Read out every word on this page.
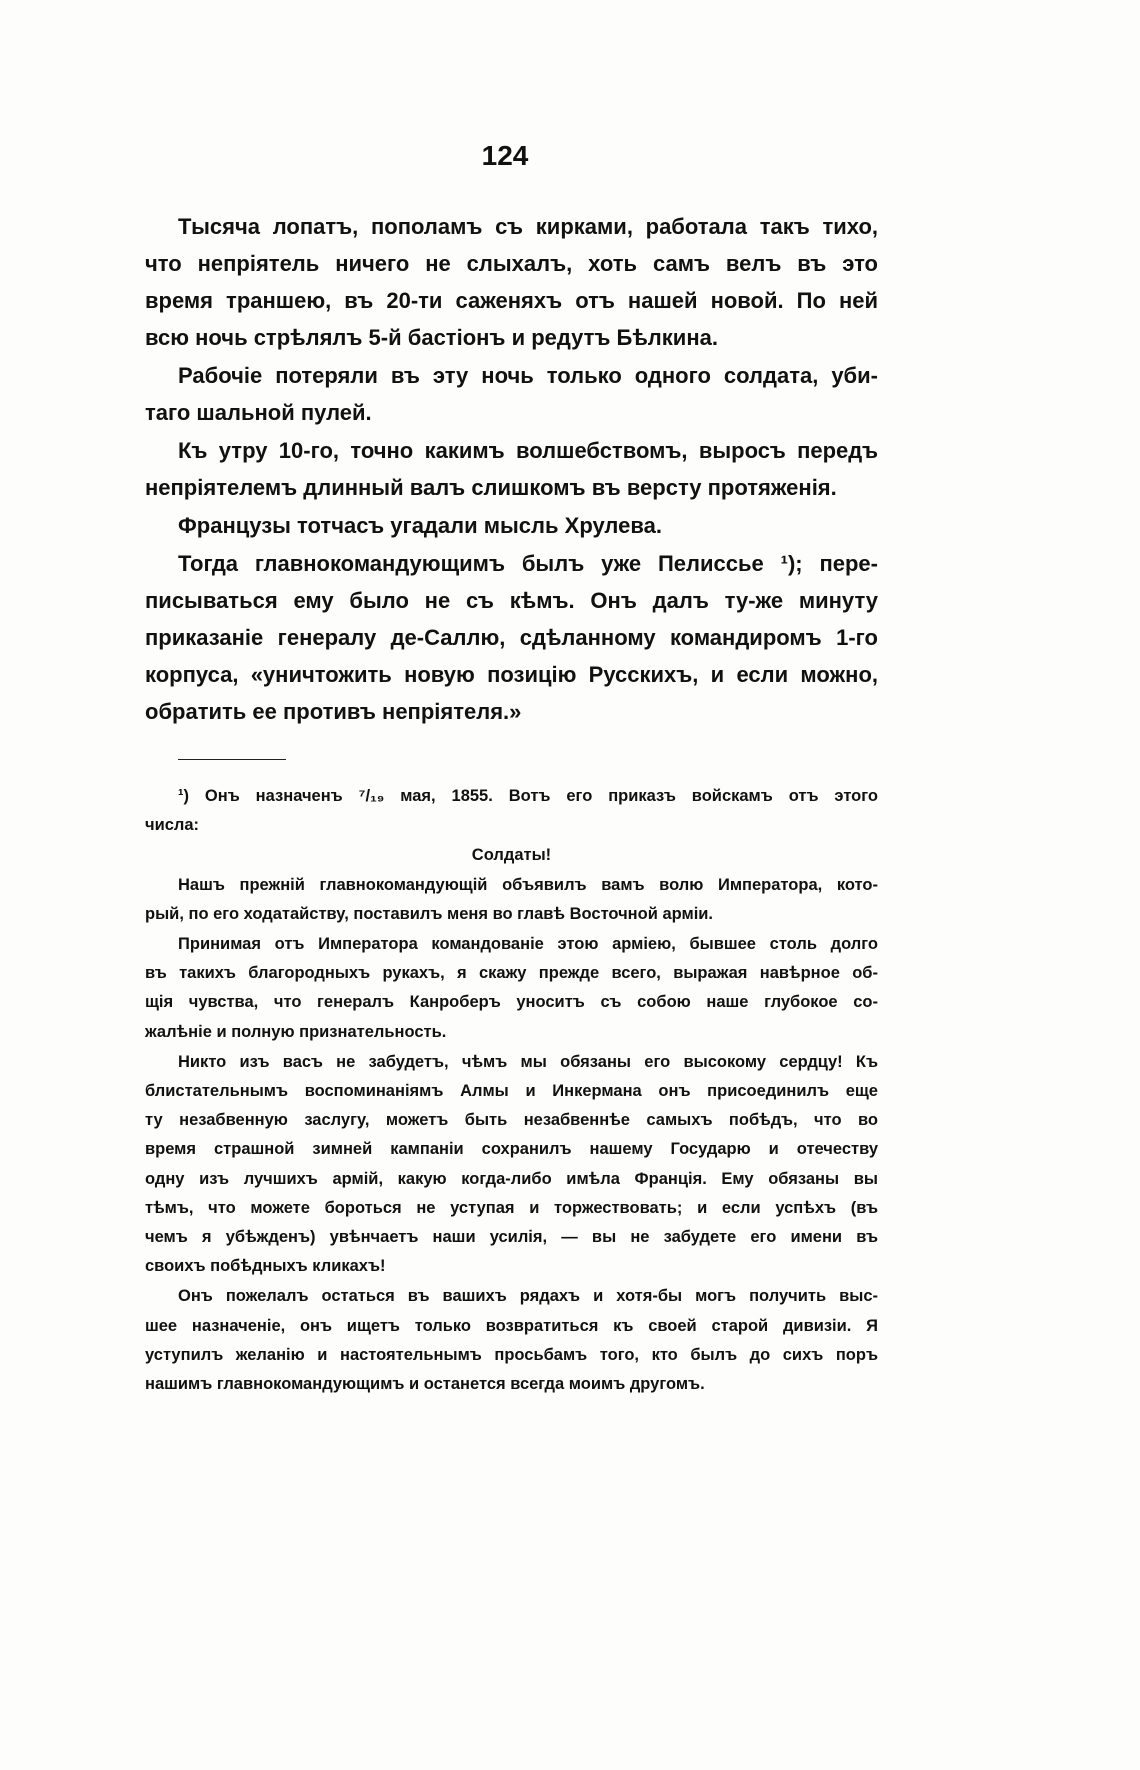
124
Тысяча лопатъ, пополамъ съ кирками, работала такъ тихо,
что непріятель ничего не слыхалъ, хоть самъ велъ въ это
время траншею, въ 20-ти саженяхъ отъ нашей новой. По ней
всю ночь стрѣлялъ 5-й бастіонъ и редутъ Бѣлкина.
Рабочіе потеряли въ эту ночь только одного солдата, уби-
таго шальной пулей.
Къ утру 10-го, точно какимъ волшебствомъ, выросъ передъ
непріятелемъ длинный валъ слишкомъ въ версту протяженія.
Французы тотчасъ угадали мысль Хрулева.
Тогда главнокомандующимъ былъ уже Пелиссье ¹); пере-
писываться ему было не съ кѣмъ. Онъ далъ ту-же минуту
приказаніе генералу де-Саллю, сдѣланному командиромъ 1-го
корпуса, «уничтожить новую позицію Русскихъ, и если можно,
обратить ее противъ непріятеля.»
¹) Онъ назначенъ ⁷/₁₉ мая, 1855. Вотъ его приказъ войскамъ отъ этого
числа:
Солдаты!
Нашъ прежній главнокомандующій объявилъ вамъ волю Императора, кото-
рый, по его ходатайству, поставилъ меня во главѣ Восточной арміи.
Принимая отъ Императора командованіе этою арміею, бывшее столь долго
въ такихъ благородныхъ рукахъ, я скажу прежде всего, выражая навѣрное об-
щія чувства, что генералъ Канроберъ уноситъ съ собою наше глубокое со-
жалѣніе и полную признательность.
Никто изъ васъ не забудетъ, чѣмъ мы обязаны его высокому сердцу! Къ
блистательнымъ воспоминаніямъ Алмы и Инкермана онъ присоединилъ еще
ту незабвенную заслугу, можетъ быть незабвеннѣе самыхъ побѣдъ, что во
время страшной зимней кампаніи сохранилъ нашему Государю и отечеству
одну изъ лучшихъ армій, какую когда-либо имѣла Франція. Ему обязаны вы
тѣмъ, что можете бороться не уступая и торжествовать; и если успѣхъ (въ
чемъ я убѣжденъ) увѣнчаетъ наши усилія, — вы не забудете его имени въ
своихъ побѣдныхъ кликахъ!
Онъ пожелалъ остаться въ вашихъ рядахъ и хотя-бы могъ получить выс-
шее назначеніе, онъ ищетъ только возвратиться къ своей старой дивизіи. Я
уступилъ желанію и настоятельнымъ просьбамъ того, кто былъ до сихъ поръ
нашимъ главнокомандующимъ и останется всегда моимъ другомъ.
